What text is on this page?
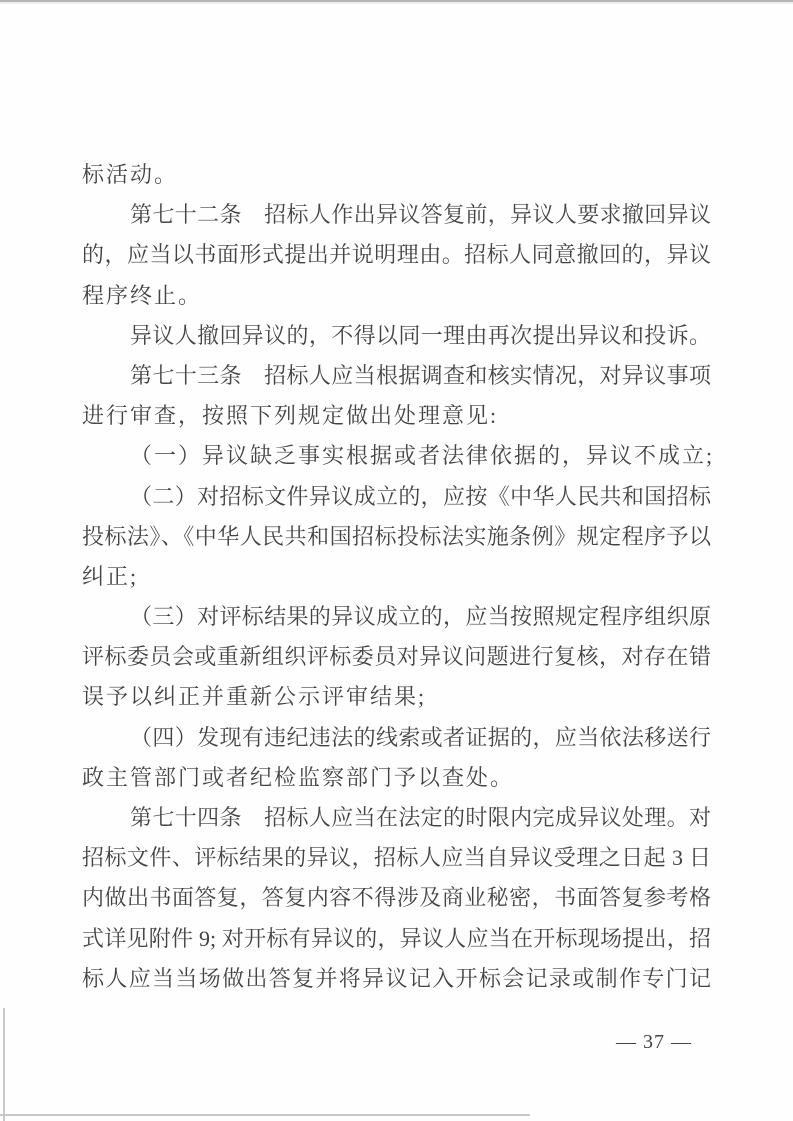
标活动。
第七十二条　招标人作出异议答复前，异议人要求撤回异议
的，应当以书面形式提出并说明理由。招标人同意撤回的，异议
程序终止。
异议人撤回异议的，不得以同一理由再次提出异议和投诉。
第七十三条　招标人应当根据调查和核实情况，对异议事项
进行审查，按照下列规定做出处理意见:
（一）异议缺乏事实根据或者法律依据的，异议不成立;
（二）对招标文件异议成立的，应按《中华人民共和国招标
投标法》、《中华人民共和国招标投标法实施条例》规定程序予以
纠正;
（三）对评标结果的异议成立的，应当按照规定程序组织原
评标委员会或重新组织评标委员对异议问题进行复核，对存在错
误予以纠正并重新公示评审结果;
（四）发现有违纪违法的线索或者证据的，应当依法移送行
政主管部门或者纪检监察部门予以查处。
第七十四条　招标人应当在法定的时限内完成异议处理。对
招标文件、评标结果的异议，招标人应当自异议受理之日起 3 日
内做出书面答复，答复内容不得涉及商业秘密，书面答复参考格
式详见附件 9; 对开标有异议的，异议人应当在开标现场提出，招
标人应当当场做出答复并将异议记入开标会记录或制作专门记
— 37 —
